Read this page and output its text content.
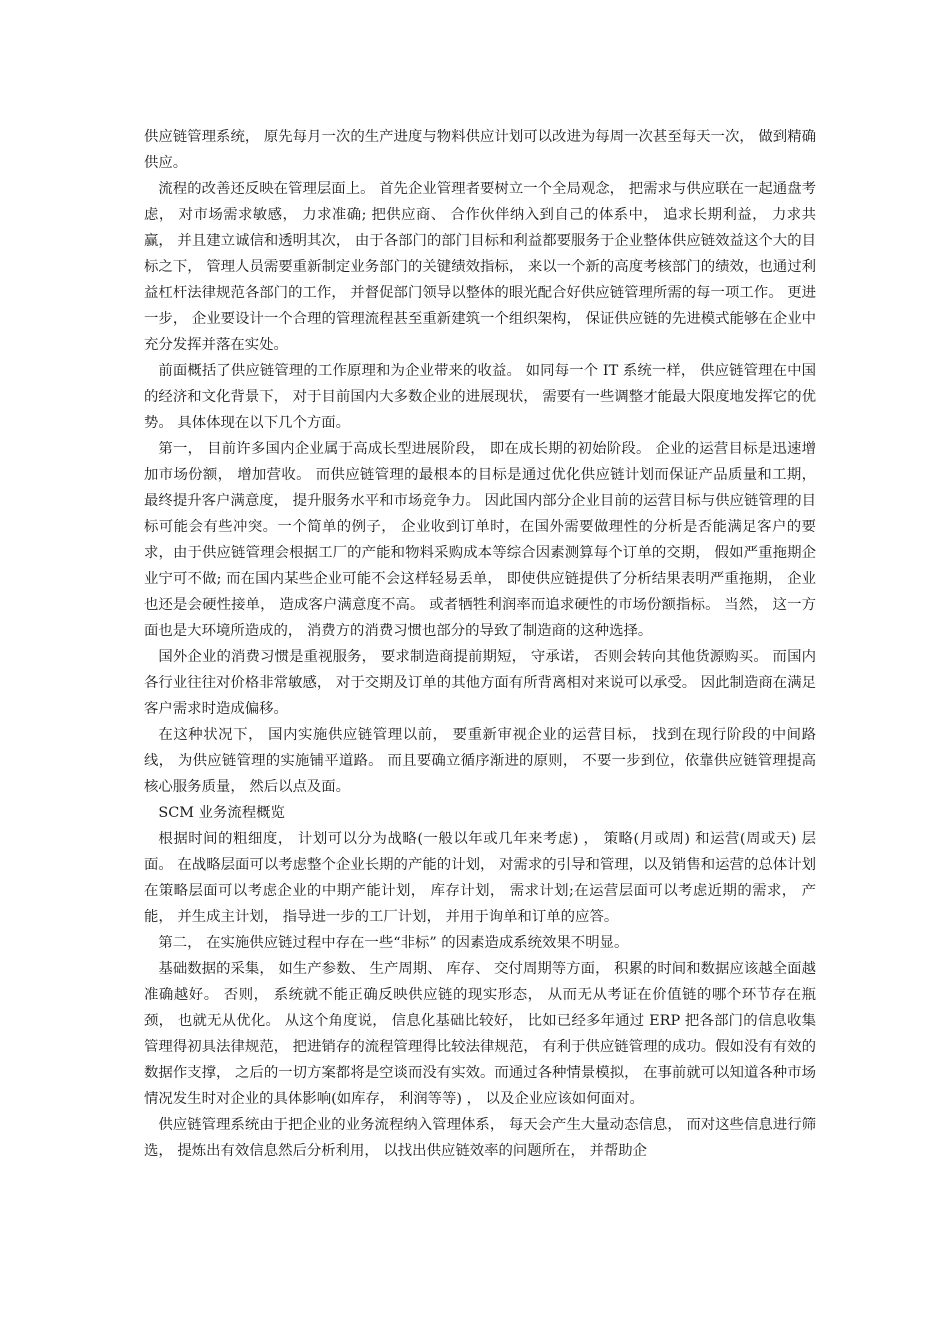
供应链管理系统， 原先每月一次的生产进度与物料供应计划可以改进为每周一次甚至每天一次， 做到精确供应。

流程的改善还反映在管理层面上。 首先企业管理者要树立一个全局观念， 把需求与供应联在一起通盘考虑， 对市场需求敏感， 力求准确; 把供应商、 合作伙伴纳入到自己的体系中， 追求长期利益， 力求共赢， 并且建立诚信和透明其次， 由于各部门的部门目标和利益都要服务于企业整体供应链效益这个大的目标之下， 管理人员需要重新制定业务部门的关键绩效指标， 来以一个新的高度考核部门的绩效，也通过利益杠杆法律规范各部门的工作， 并督促部门领导以整体的眼光配合好供应链管理所需的每一项工作。 更进一步， 企业要设计一个合理的管理流程甚至重新建筑一个组织架构， 保证供应链的先进模式能够在企业中充分发挥并落在实处。

前面概括了供应链管理的工作原理和为企业带来的收益。 如同每一个 IT 系统一样， 供应链管理在中国的经济和文化背景下， 对于目前国内大多数企业的进展现状， 需要有一些调整才能最大限度地发挥它的优势。 具体体现在以下几个方面。

第一， 目前许多国内企业属于高成长型进展阶段， 即在成长期的初始阶段。 企业的运营目标是迅速增加市场份额， 增加营收。 而供应链管理的最根本的目标是通过优化供应链计划而保证产品质量和工期， 最终提升客户满意度， 提升服务水平和市场竞争力。 因此国内部分企业目前的运营目标与供应链管理的目标可能会有些冲突。一个简单的例子， 企业收到订单时，在国外需要做理性的分析是否能满足客户的要求，由于供应链管理会根据工厂的产能和物料采购成本等综合因素测算每个订单的交期， 假如严重拖期企业宁可不做; 而在国内某些企业可能不会这样轻易丢单， 即使供应链提供了分析结果表明严重拖期， 企业也还是会硬性接单， 造成客户满意度不高。 或者牺牲利润率而追求硬性的市场份额指标。 当然， 这一方面也是大环境所造成的， 消费方的消费习惯也部分的导致了制造商的这种选择。

国外企业的消费习惯是重视服务， 要求制造商提前期短， 守承诺， 否则会转向其他货源购买。 而国内各行业往往对价格非常敏感， 对于交期及订单的其他方面有所背离相对来说可以承受。 因此制造商在满足客户需求时造成偏移。

在这种状况下， 国内实施供应链管理以前， 要重新审视企业的运营目标， 找到在现行阶段的中间路线， 为供应链管理的实施铺平道路。 而且要确立循序渐进的原则， 不要一步到位，依靠供应链管理提高核心服务质量， 然后以点及面。

SCM 业务流程概览

根据时间的粗细度， 计划可以分为战略(一般以年或几年来考虑) ， 策略(月或周) 和运营(周或天) 层面。 在战略层面可以考虑整个企业长期的产能的计划， 对需求的引导和管理，以及销售和运营的总体计划在策略层面可以考虑企业的中期产能计划， 库存计划， 需求计划;在运营层面可以考虑近期的需求， 产能， 并生成主计划， 指导进一步的工厂计划， 并用于询单和订单的应答。

第二， 在实施供应链过程中存在一些“非标” 的因素造成系统效果不明显。

基础数据的采集， 如生产参数、 生产周期、 库存、 交付周期等方面， 积累的时间和数据应该越全面越准确越好。 否则， 系统就不能正确反映供应链的现实形态， 从而无从考证在价值链的哪个环节存在瓶颈， 也就无从优化。 从这个角度说， 信息化基础比较好， 比如已经多年通过 ERP 把各部门的信息收集管理得初具法律规范， 把进销存的流程管理得比较法律规范， 有利于供应链管理的成功。假如没有有效的数据作支撑， 之后的一切方案都将是空谈而没有实效。而通过各种情景模拟， 在事前就可以知道各种市场情况发生时对企业的具体影响(如库存， 利润等等) ， 以及企业应该如何面对。

供应链管理系统由于把企业的业务流程纳入管理体系， 每天会产生大量动态信息， 而对这些信息进行筛选， 提炼出有效信息然后分析利用， 以找出供应链效率的问题所在， 并帮助企
